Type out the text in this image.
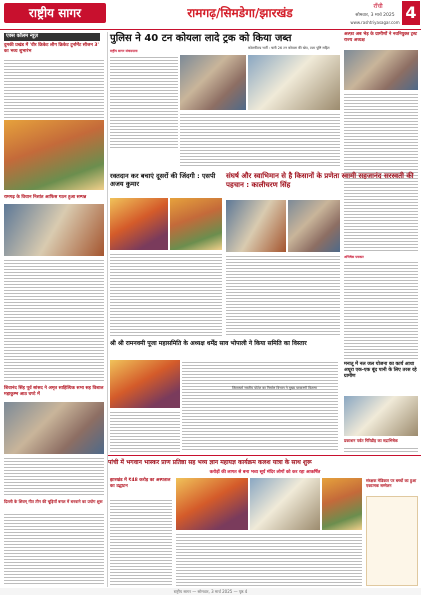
राष्ट्रीय सागर	रामगढ़/सिमडेगा/झारखंड	राँची
सोमवार, 3 मार्च 2025
www.rashtriyasagar.com
4
एक्स कॉलम न्यूज़
दुमकी प्रखंड में 'वीर क्रिकेट लीग क्रिकेट टूर्नामेंट सीजन 3' का भव्य शुभारंभ
रामगढ़ के विधान निशांत आफिस गठन हुआ सम्पन्न
शिवानंद सिंह पूर्व सांसद ने अमृत साहित्यिक सभा सह विशाल महाकुम्भ आठ घण्टे में
दिल्ली के शिवम् गीत तीन की चूड़ियाँ बगल में बनवाने का प्रयोग शुरू
पुलिस ने 40 टन कोयला लादे ट्रक को किया जब्त
राष्ट्रीय सागर संवाददाता
कोलफील्ड भर्ती : चली 26 टन कोयला की खेप, टाटा पुष्टि सहित
अल्फ़ा अब भेड़ के ग्रामीणों ने नवनियुक्त ट्रस्ट राज्य अध्यक्ष
अभिषेक पत्रकार
रक्तदान कर बचाएं दूसरों की जिंदगी : एसपी अजय कुमार
संघर्ष और स्वाभिमान से है किसानों के प्रणेता स्वामी सहजानंद सरस्वती की पहचान : कालीचरण सिंह
श्री श्री रामनवमी पूजा महासमिति के अध्यक्ष धर्मेंद्र साव भोपाली ने किया समिति का विस्तार
मनातू में नल जल योजना का कार्य आधा अधूरा एक-एक बूंद पानी के लिए तरस रहे ग्रामीण
जिलाधर्म भरतीय पोर्टल का निर्माण विभाग ने मुख्य परवानगी वितरण
प्रकाशन पर्वत गिरिडीह का रुद्राभिषेक
पांची में भगवान भास्कर प्राण प्रतिष्ठा सह भव्य ज्ञान महायज्ञ कार्यक्रम कलश यात्रा के साथ शुरू
करोड़ों की लागत से बना भव्य सूर्य मंदिर लोगों को कर रहा आकर्षित
झारखंड में ₹48 करोड़ का अस्पताल का उद्घाटन
संरक्षक मेडिकल पर बच्चों का हुआ एकात्मक सम्मेलन
राष्ट्रीय सागर — सोमवार, 3 मार्च 2025 — पृष्ठ 4
